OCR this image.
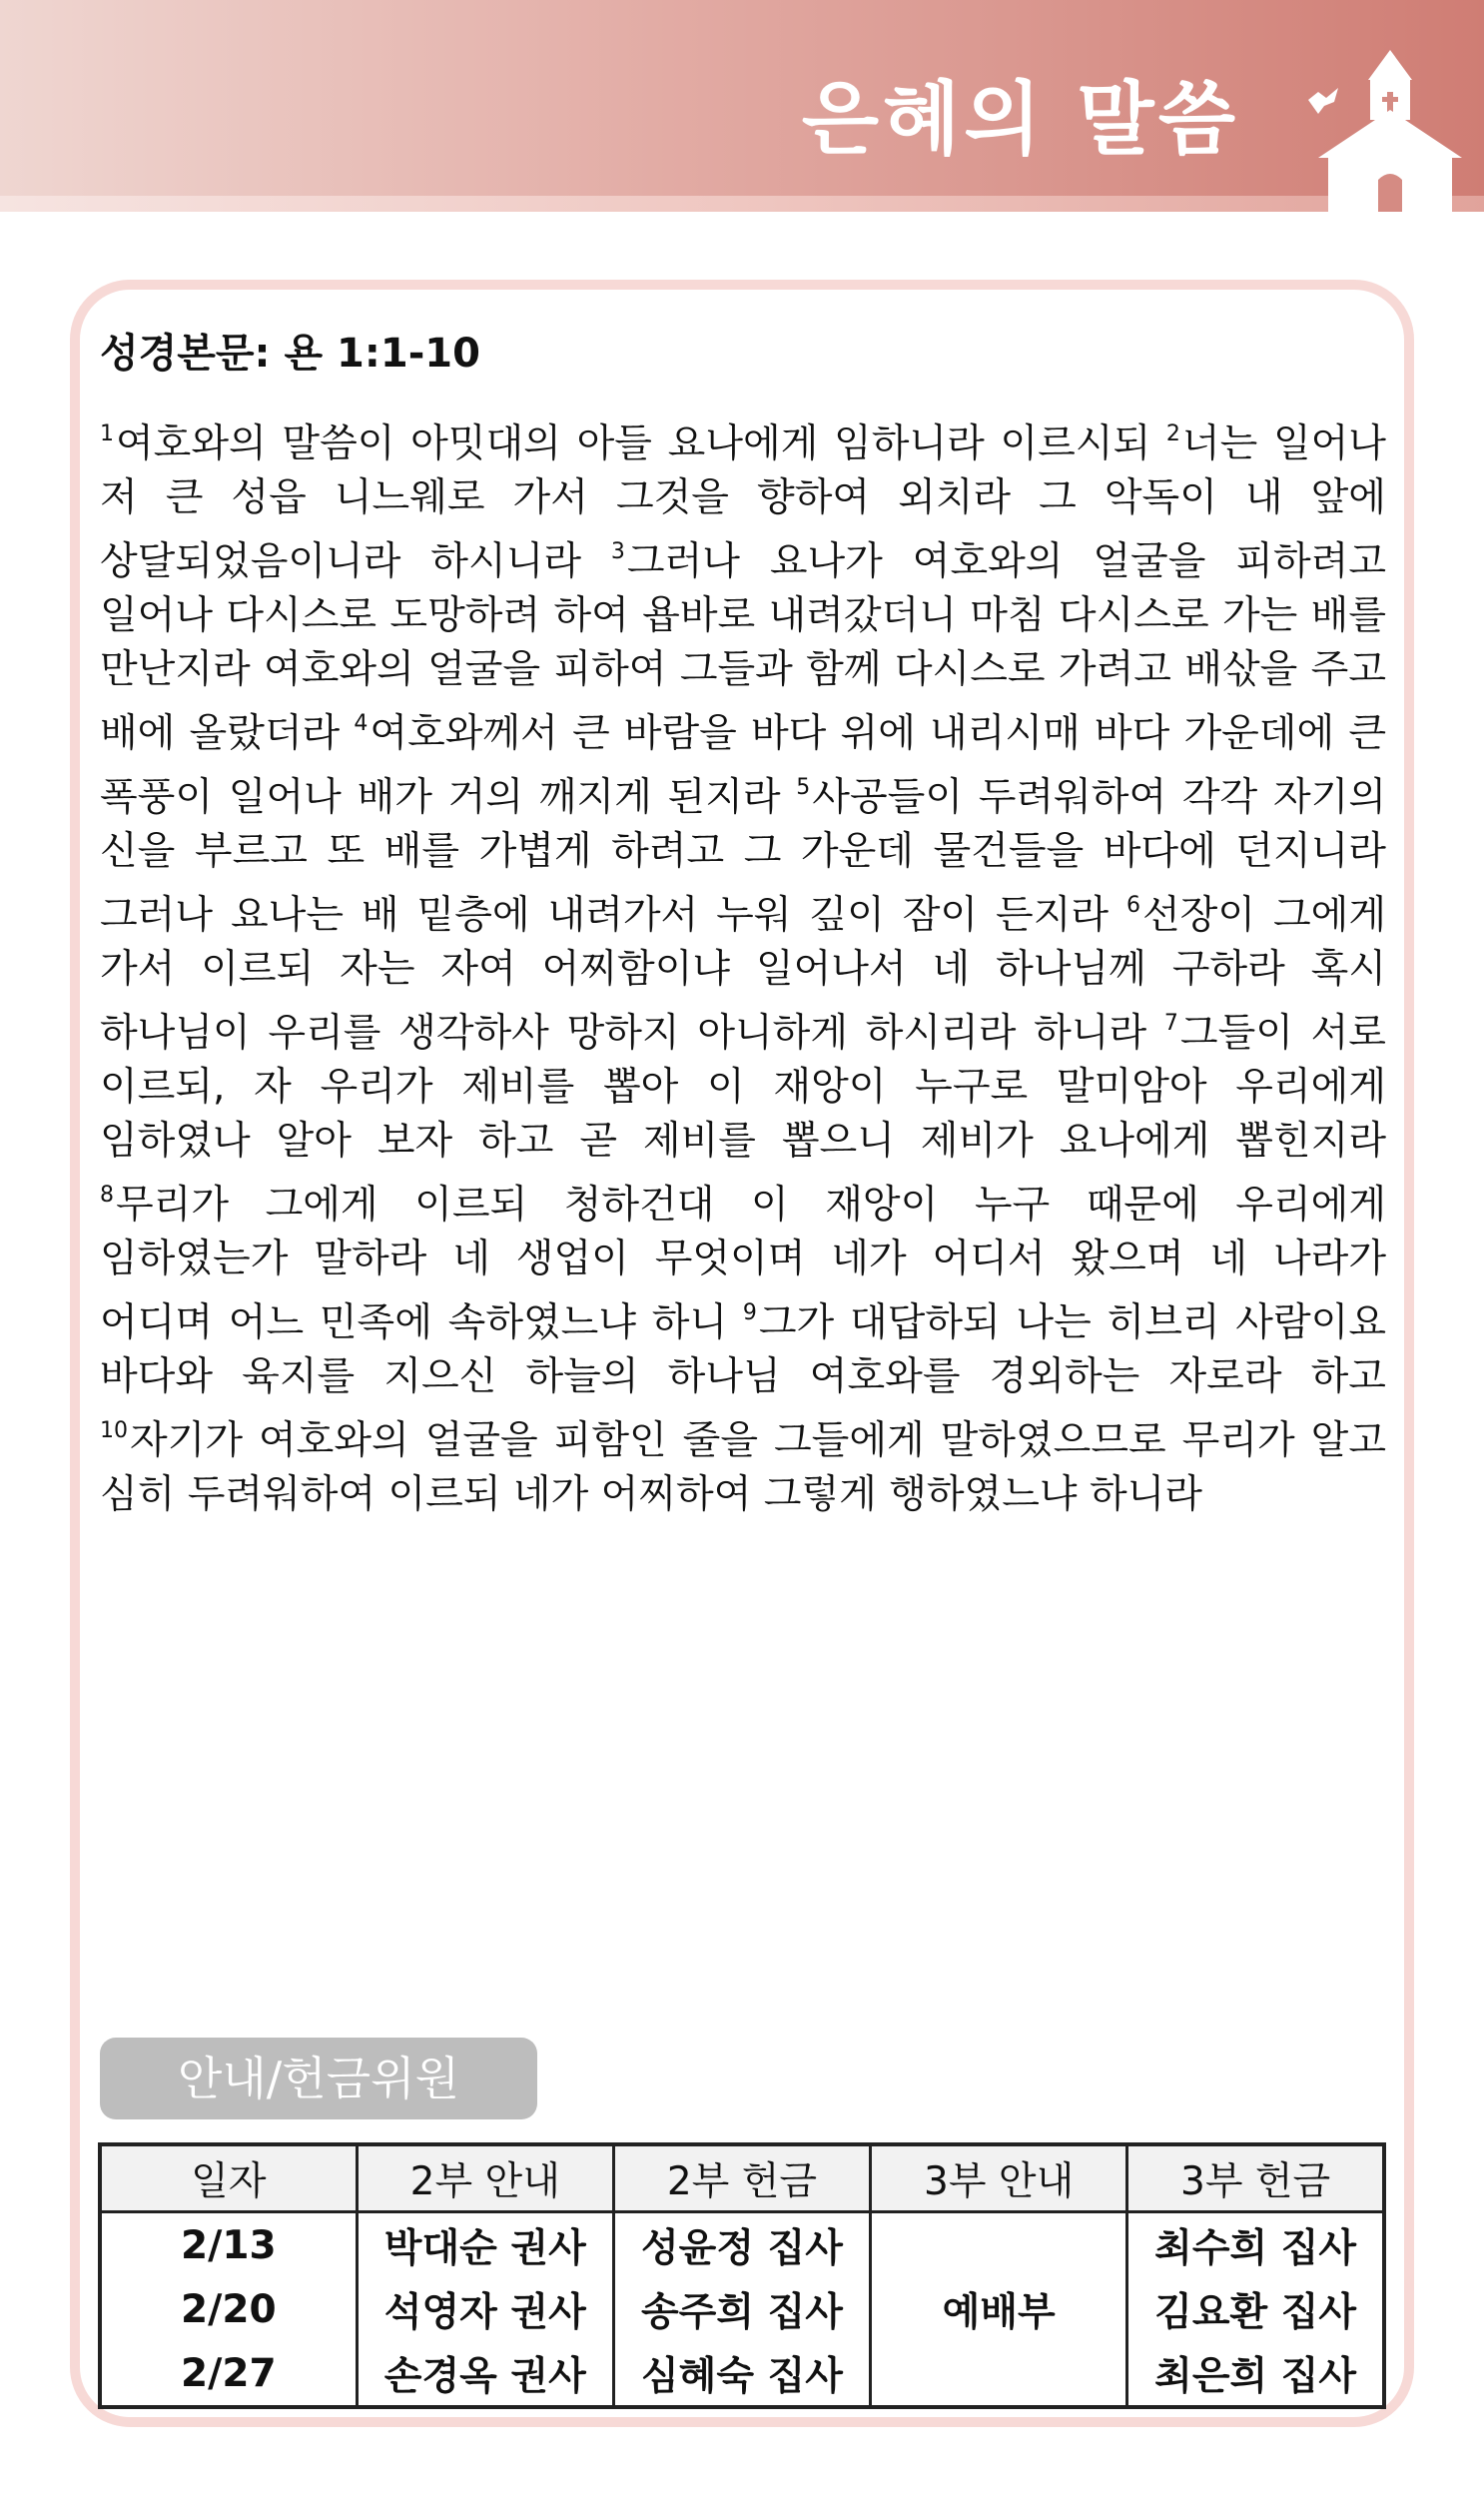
은혜의 말씀

성경본문: 욘 1:1-10

$^1$여호와의 말씀이 아밋대의 아들 요나에게 임하니라 이르시되 $^2$너는 일어나 저 큰 성읍 니느웨로 가서 그것을 향하여 외치라 그 악독이 내 앞에 상달되었음이니라 하시니라 $^3$그러나 요나가 여호와의 얼굴을 피하려고 일어나 다시스로 도망하려 하여 욥바로 내려갔더니 마침 다시스로 가는 배를 만난지라 여호와의 얼굴을 피하여 그들과 함께 다시스로 가려고 배삯을 주고 배에 올랐더라 $^4$여호와께서 큰 바람을 바다 위에 내리시매 바다 가운데에 큰 폭풍이 일어나 배가 거의 깨지게 된지라 $^5$사공들이 두려워하여 각각 자기의 신을 부르고 또 배를 가볍게 하려고 그 가운데 물건들을 바다에 던지니라 그러나 요나는 배 밑층에 내려가서 누워 깊이 잠이 든지라 $^6$선장이 그에게 가서 이르되 자는 자여 어찌함이냐 일어나서 네 하나님께 구하라 혹시 하나님이 우리를 생각하사 망하지 아니하게 하시리라 하니라 $^7$그들이 서로 이르되, 자 우리가 제비를 뽑아 이 재앙이 누구로 말미암아 우리에게 임하였나 알아 보자 하고 곧 제비를 뽑으니 제비가 요나에게 뽑힌지라 $^8$무리가 그에게 이르되 청하건대 이 재앙이 누구 때문에 우리에게 임하였는가 말하라 네 생업이 무엇이며 네가 어디서 왔으며 네 나라가 어디며 어느 민족에 속하였느냐 하니 $^9$그가 대답하되 나는 히브리 사람이요 바다와 육지를 지으신 하늘의 하나님 여호와를 경외하는 자로라 하고 $^{10}$자기가 여호와의 얼굴을 피함인 줄을 그들에게 말하였으므로 무리가 알고 심히 두려워하여 이르되 네가 어찌하여 그렇게 행하였느냐 하니라

안내/헌금위원
일자	2부 안내	2부 헌금	3부 안내	3부 헌금
2/13	박대순 권사	성윤정 집사	예배부	최수희 집사
2/20	석영자 권사	송주희 집사		김요환 집사
2/27	손경옥 권사	심혜숙 집사		최은희 집사
